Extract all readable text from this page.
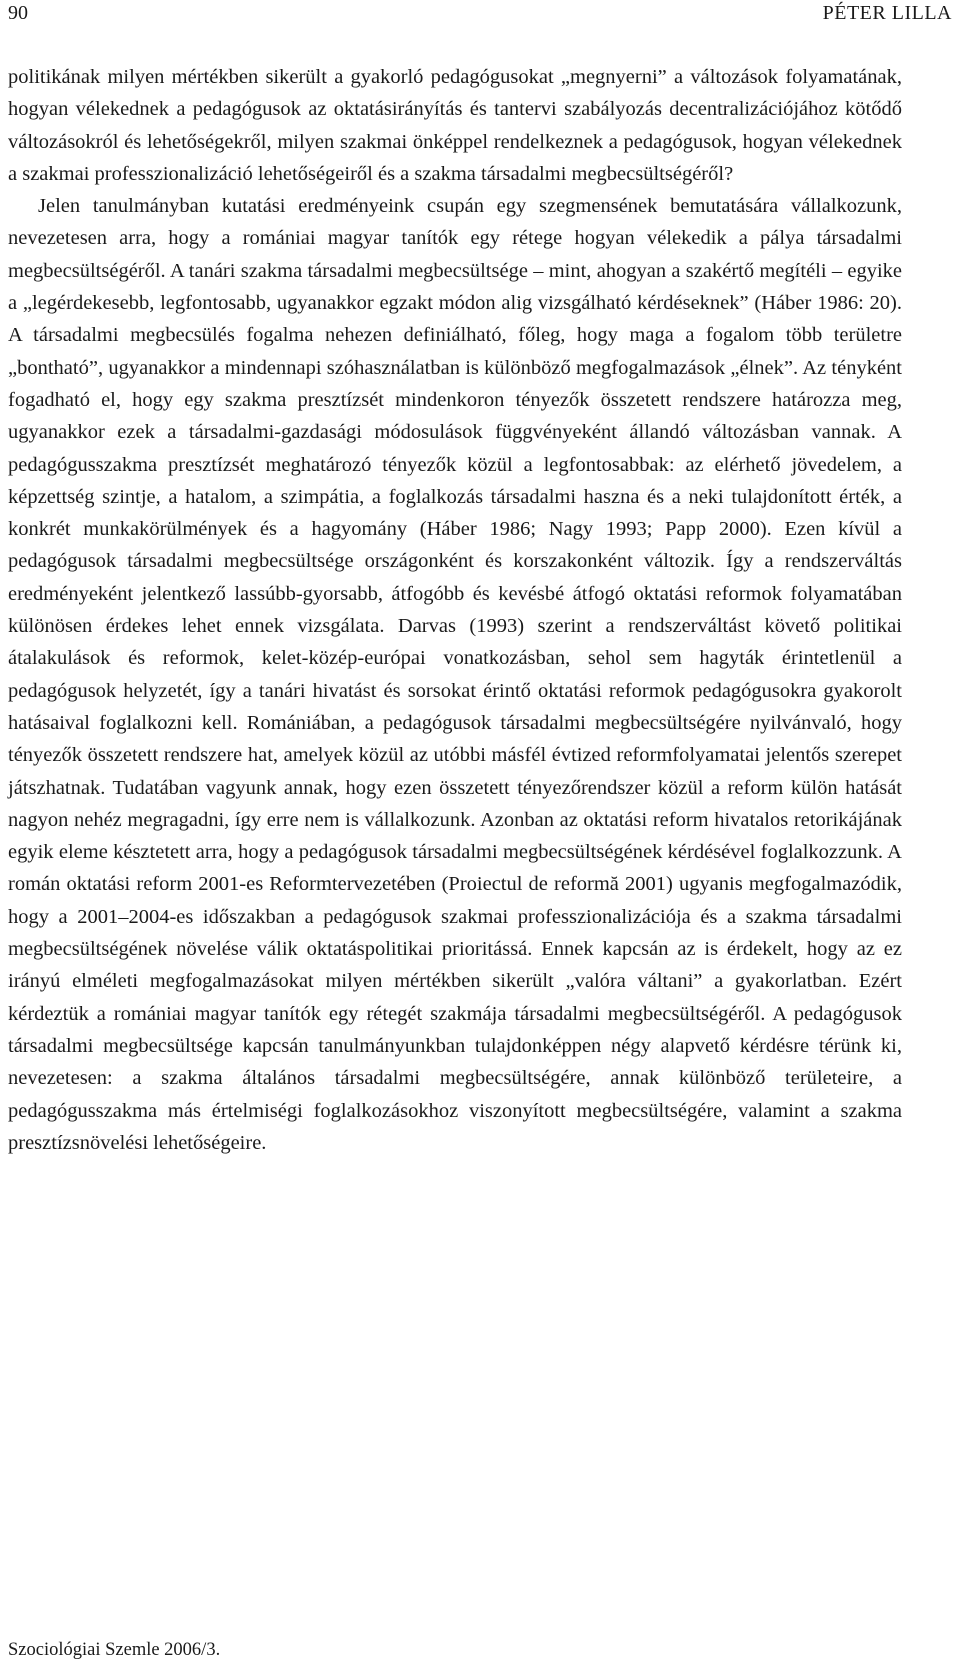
90	PÉTER LILLA

politikának milyen mértékben sikerült a gyakorló pedagógusokat „megnyerni” a változások folyamatának, hogyan vélekednek a pedagógusok az oktatásirányítás és tantervi szabályozás decentralizációjához kötődő változásokról és lehetőségekről, milyen szakmai önképpel rendelkeznek a pedagógusok, hogyan vélekednek a szakmai professzionalizáció lehetőségeiről és a szakma társadalmi megbecsültségéről?

Jelen tanulmányban kutatási eredményeink csupán egy szegmensének bemutatására vállalkozunk, nevezetesen arra, hogy a romániai magyar tanítók egy rétege hogyan vélekedik a pálya társadalmi megbecsültségéről. A tanári szakma társadalmi megbecsültsége – mint, ahogyan a szakértő megítéli – egyike a „legérdekesebb, legfontosabb, ugyanakkor egzakt módon alig vizsgálható kérdéseknek” (Háber 1986: 20). A társadalmi megbecsülés fogalma nehezen definiálható, főleg, hogy maga a fogalom több területre „bontható”, ugyanakkor a mindennapi szóhasználatban is különböző megfogalmazások „élnek”. Az tényként fogadható el, hogy egy szakma presztízsét mindenkoron tényezők összetett rendszere határozza meg, ugyanakkor ezek a társadalmi-gazdasági módosulások függvényeként állandó változásban vannak. A pedagógusszakma presztízsét meghatározó tényezők közül a legfontosabbak: az elérhető jövedelem, a képzettség szintje, a hatalom, a szimpátia, a foglalkozás társadalmi haszna és a neki tulajdonított érték, a konkrét munkakörülmények és a hagyomány (Háber 1986; Nagy 1993; Papp 2000). Ezen kívül a pedagógusok társadalmi megbecsültsége országonként és korszakonként változik. Így a rendszerváltás eredményeként jelentkező lassúbb-gyorsabb, átfogóbb és kevésbé átfogó oktatási reformok folyamatában különösen érdekes lehet ennek vizsgálata. Darvas (1993) szerint a rendszerváltást követő politikai átalakulások és reformok, kelet-közép-európai vonatkozásban, sehol sem hagyták érintetlenül a pedagógusok helyzetét, így a tanári hivatást és sorsokat érintő oktatási reformok pedagógusokra gyakorolt hatásaival foglalkozni kell. Romániában, a pedagógusok társadalmi megbecsültségére nyilvánvaló, hogy tényezők összetett rendszere hat, amelyek közül az utóbbi másfél évtized reformfolyamatai jelentős szerepet játszhatnak. Tudatában vagyunk annak, hogy ezen összetett tényezőrendszer közül a reform külön hatását nagyon nehéz megragadni, így erre nem is vállalkozunk. Azonban az oktatási reform hivatalos retorikájának egyik eleme késztetett arra, hogy a pedagógusok társadalmi megbecsültségének kérdésével foglalkozzunk. A román oktatási reform 2001-es Reformtervezetében (Proiectul de reformă 2001) ugyanis megfogalmazódik, hogy a 2001–2004-es időszakban a pedagógusok szakmai professzionalizációja és a szakma társadalmi megbecsültségének növelése válik oktatáspolitikai prioritássá. Ennek kapcsán az is érdekelt, hogy az ez irányú elméleti megfogalmazásokat milyen mértékben sikerült „valóra váltani” a gyakorlatban. Ezért kérdeztük a romániai magyar tanítók egy rétegét szakmája társadalmi megbecsültségéről. A pedagógusok társadalmi megbecsültsége kapcsán tanulmányunkban tulajdonképpen négy alapvető kérdésre térünk ki, nevezetesen: a szakma általános társadalmi megbecsültségére, annak különböző területeire, a pedagógusszakma más értelmiségi foglalkozásokhoz viszonyított megbecsültségére, valamint a szakma presztízsnövelési lehetőségeire.

Szociológiai Szemle 2006/3.
